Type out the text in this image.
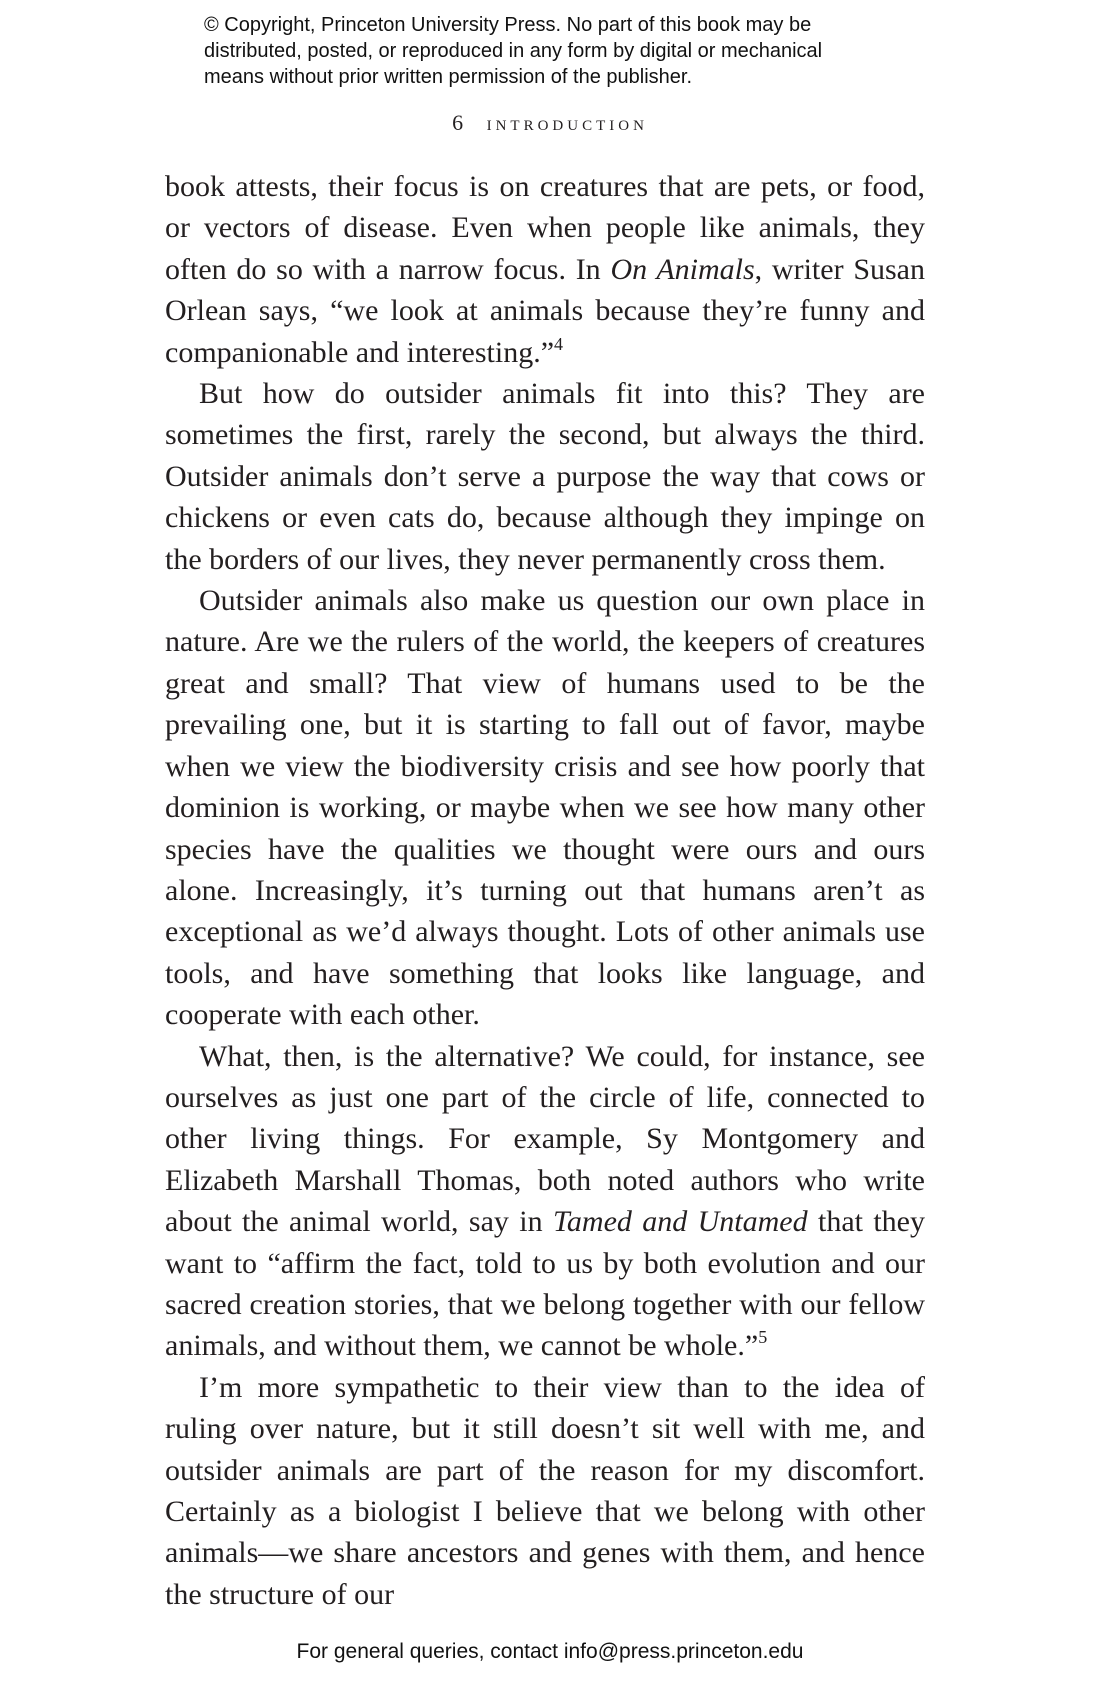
© Copyright, Princeton University Press. No part of this book may be

distributed, posted, or reproduced in any form by digital or mechanical

means without prior written permission of the publisher.

6 introduction

book attests, their focus is on creatures that are pets, or food, or vectors of disease. Even when people like animals, they often do so with a narrow focus. In On Animals, writer Susan Orlean says, “we look at animals because they’re funny and companionable and interesting.”$^4$

But how do outsider animals fit into this? They are sometimes the first, rarely the second, but always the third. Outsider animals don’t serve a purpose the way that cows or chickens or even cats do, because although they impinge on the borders of our lives, they never permanently cross them.

Outsider animals also make us question our own place in nature. Are we the rulers of the world, the keepers of creatures great and small? That view of humans used to be the prevailing one, but it is starting to fall out of favor, maybe when we view the biodiversity crisis and see how poorly that dominion is working, or maybe when we see how many other species have the qualities we thought were ours and ours alone. Increasingly, it’s turning out that humans aren’t as exceptional as we’d always thought. Lots of other animals use tools, and have something that looks like language, and cooperate with each other.

What, then, is the alternative? We could, for instance, see ourselves as just one part of the circle of life, connected to other living things. For example, Sy Montgomery and Elizabeth Marshall Thomas, both noted authors who write about the animal world, say in Tamed and Untamed that they want to “affirm the fact, told to us by both evolution and our sacred creation stories, that we belong together with our fellow animals, and without them, we cannot be whole.”$^5$

I’m more sympathetic to their view than to the idea of ruling over nature, but it still doesn’t sit well with me, and outsider animals are part of the reason for my discomfort. Certainly as a biologist I believe that we belong with other animals—we share ancestors and genes with them, and hence the structure of our

For general queries, contact info@press.princeton.edu
